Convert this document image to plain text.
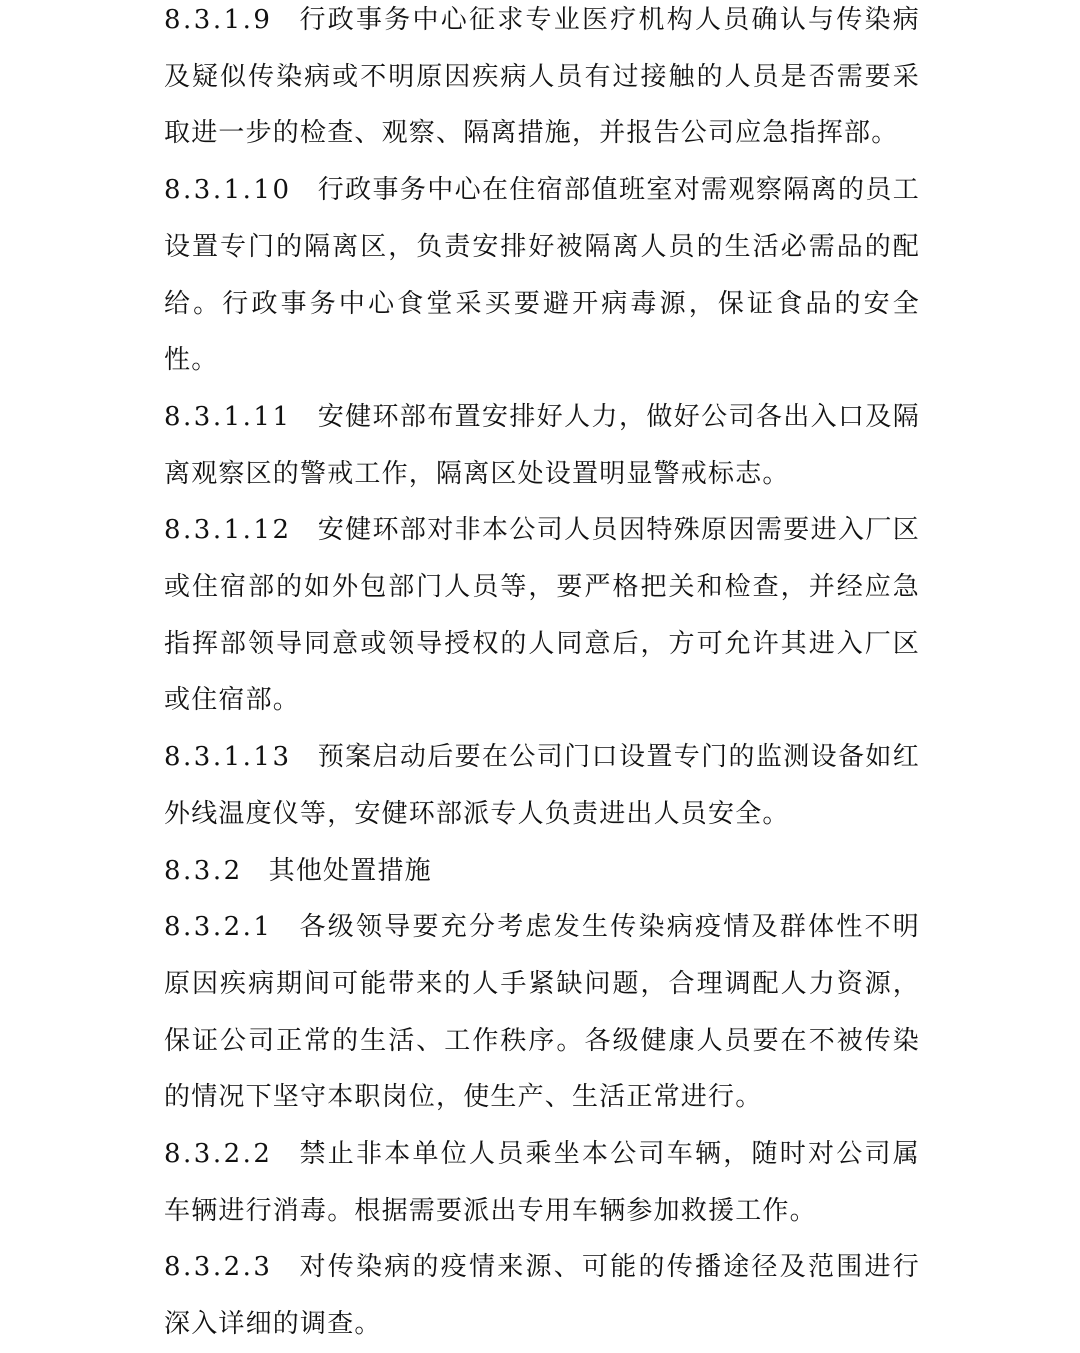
8.3.1.9 行政事务中心征求专业医疗机构人员确认与传染病及疑似传染病或不明原因疾病人员有过接触的人员是否需要采取进一步的检查、观察、隔离措施，并报告公司应急指挥部。

8.3.1.10 行政事务中心在住宿部值班室对需观察隔离的员工设置专门的隔离区，负责安排好被隔离人员的生活必需品的配给。行政事务中心食堂采买要避开病毒源，保证食品的安全性。

8.3.1.11 安健环部布置安排好人力，做好公司各出入口及隔离观察区的警戒工作，隔离区处设置明显警戒标志。

8.3.1.12 安健环部对非本公司人员因特殊原因需要进入厂区或住宿部的如外包部门人员等，要严格把关和检查，并经应急指挥部领导同意或领导授权的人同意后，方可允许其进入厂区或住宿部。

8.3.1.13 预案启动后要在公司门口设置专门的监测设备如红外线温度仪等，安健环部派专人负责进出人员安全。

8.3.2 其他处置措施

8.3.2.1 各级领导要充分考虑发生传染病疫情及群体性不明原因疾病期间可能带来的人手紧缺问题，合理调配人力资源，保证公司正常的生活、工作秩序。各级健康人员要在不被传染的情况下坚守本职岗位，使生产、生活正常进行。

8.3.2.2 禁止非本单位人员乘坐本公司车辆，随时对公司属车辆进行消毒。根据需要派出专用车辆参加救援工作。

8.3.2.3 对传染病的疫情来源、可能的传播途径及范围进行深入详细的调查。
